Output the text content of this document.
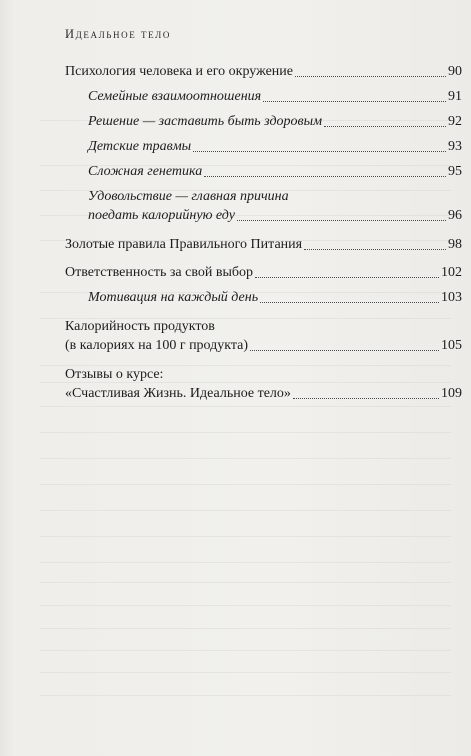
Идеальное тело
Психология человека и его окружение	90
Семейные взаимоотношения	91
Решение — заставить быть здоровым	92
Детские травмы	93
Сложная генетика	95
Удовольствие — главная причина
поедать калорийную еду	96
Золотые правила Правильного Питания	98
Ответственность за свой выбор	102
Мотивация на каждый день	103
Калорийность продуктов
(в калориях на 100 г продукта)	105
Отзывы о курсе:
«Счастливая Жизнь. Идеальное тело»	109
